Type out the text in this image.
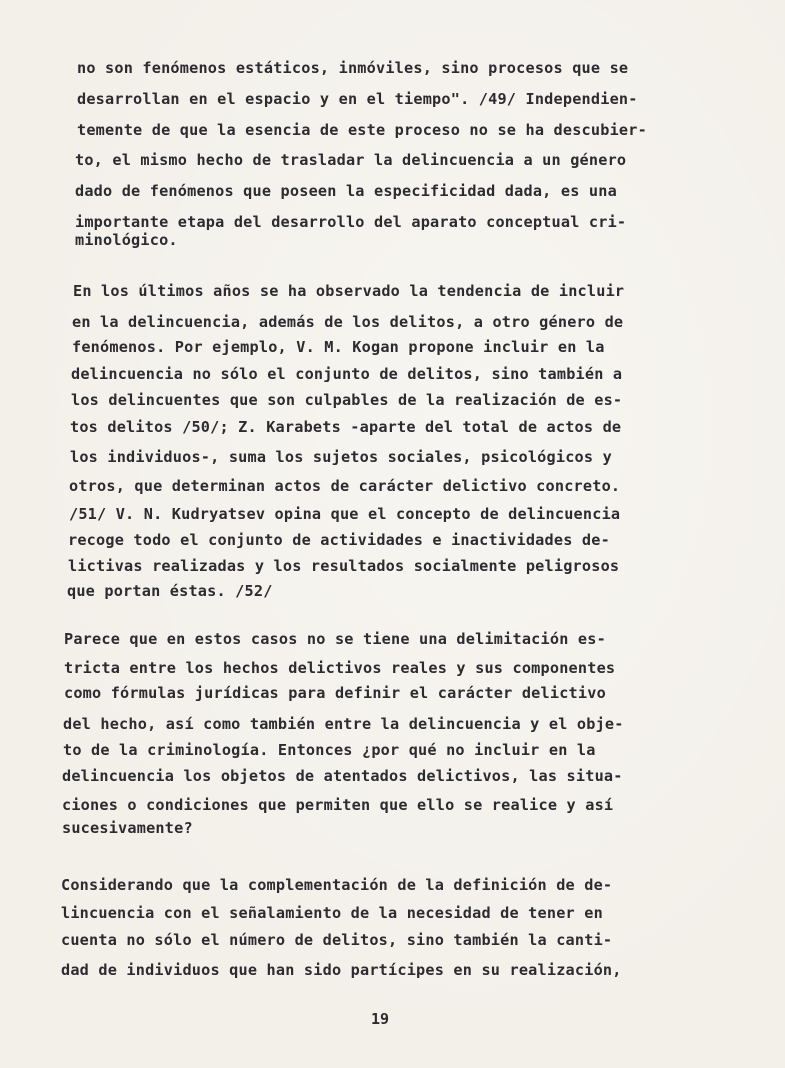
no son fenómenos estáticos, inmóviles, sino procesos que se
desarrollan en el espacio y en el tiempo". /49/ Independien-
temente de que la esencia de este proceso no se ha descubier-
to, el mismo hecho de trasladar la delincuencia a un género
dado de fenómenos que poseen la especificidad dada, es una
importante etapa del desarrollo del aparato conceptual cri-
minológico.
En los últimos años se ha observado la tendencia de incluir
en la delincuencia, además de los delitos, a otro género de
fenómenos. Por ejemplo, V. M. Kogan propone incluir en la
delincuencia no sólo el conjunto de delitos, sino también a
los delincuentes que son culpables de la realización de es-
tos delitos /50/; Z. Karabets -aparte del total de actos de
los individuos-, suma los sujetos sociales, psicológicos y
otros, que determinan actos de carácter delictivo concreto.
/51/ V. N. Kudryatsev opina que el concepto de delincuencia
recoge todo el conjunto de actividades e inactividades de-
lictivas realizadas y los resultados socialmente peligrosos
que portan éstas. /52/
Parece que en estos casos no se tiene una delimitación es-
tricta entre los hechos delictivos reales y sus componentes
como fórmulas jurídicas para definir el carácter delictivo
del hecho, así como también entre la delincuencia y el obje-
to de la criminología. Entonces ¿por qué no incluir en la
delincuencia los objetos de atentados delictivos, las situa-
ciones o condiciones que permiten que ello se realice y así
sucesivamente?
Considerando que la complementación de la definición de de-
lincuencia con el señalamiento de la necesidad de tener en
cuenta no sólo el número de delitos, sino también la canti-
dad de individuos que han sido partícipes en su realización,
19
